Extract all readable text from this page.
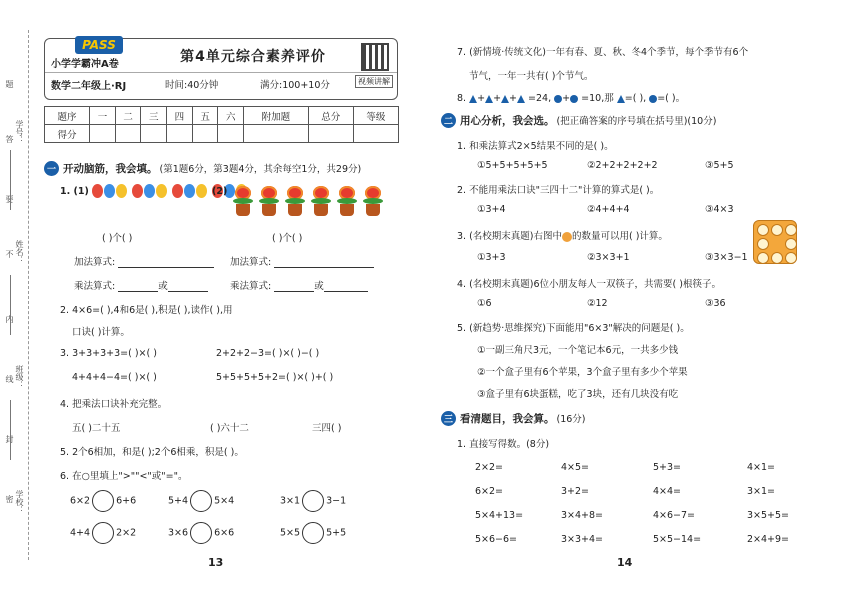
题
答 学号：
要
不 姓名：
内
线 班级：
封
密 学校：
PASS
小学学霸冲A卷
数学二年级上·RJ
第4单元综合素养评价
时间:40分钟	满分:100+10分	视频讲解
题序	一	二	三	四	五	六	附加题	总分	等级
得分									
一 开动脑筋，我会填。 (第1题6分，第3题4分，其余每空1分，共29分)
1. (1)	(2)
( )个( )	( )个( )
加法算式:	加法算式:
乘法算式:	或	乘法算式:	或
2. 4×6=( ),4和6是( ),积是( ),读作( ),用
口诀( )计算。
3. 3+3+3+3=( )×( )	2+2+2−3=( )×( )−( )
4+4+4−4=( )×( )	5+5+5+5+2=( )×( )+( )
4. 把乘法口诀补充完整。
五( )二十五	( )六十二	三四( )
5. 2个6相加，和是( );2个6相乘，积是( )。
6. 在○里填上">""<"或"="。
6×2	6+6	5+4	5×4	3×1	3−1
4+4	2×2	3×6	6×6	5×5	5+5
13
7. (新情境·传统文化)一年有春、夏、秋、冬4个季节，每个季节有6个
节气，一年一共有( )个节气。
8. + + + =24, + =10,那 =( ), =( )。
二 用心分析，我会选。 (把正确答案的序号填在括号里)(10分)
1. 和乘法算式2×5结果不同的是( )。
①5+5+5+5+5	②2+2+2+2+2	③5+5
2. 不能用乘法口诀"三四十二"计算的算式是( )。
①3+4	②4+4+4	③4×3
3. (名校期末真题)右图中 的数量可以用( )计算。
①3+3	②3×3+1	③3×3−1
4. (名校期末真题)6位小朋友每人一双筷子，共需要( )根筷子。
①6	②12	③36
5. (新趋势·思维探究)下面能用"6×3"解决的问题是( )。
①一副三角尺3元，一个笔记本6元，一共多少钱
②一个盒子里有6个苹果，3个盒子里有多少个苹果
③盒子里有6块蛋糕，吃了3块，还有几块没有吃
三 看清题目，我会算。 (16分)
1. 直接写得数。(8分)
2×2=	4×5=	5+3=	4×1=
6×2=	3+2=	4×4=	3×1=
5×4+13=	3×4+8=	4×6−7=	3×5+5=
5×6−6=	3×3+4=	5×5−14=	2×4+9=
14
